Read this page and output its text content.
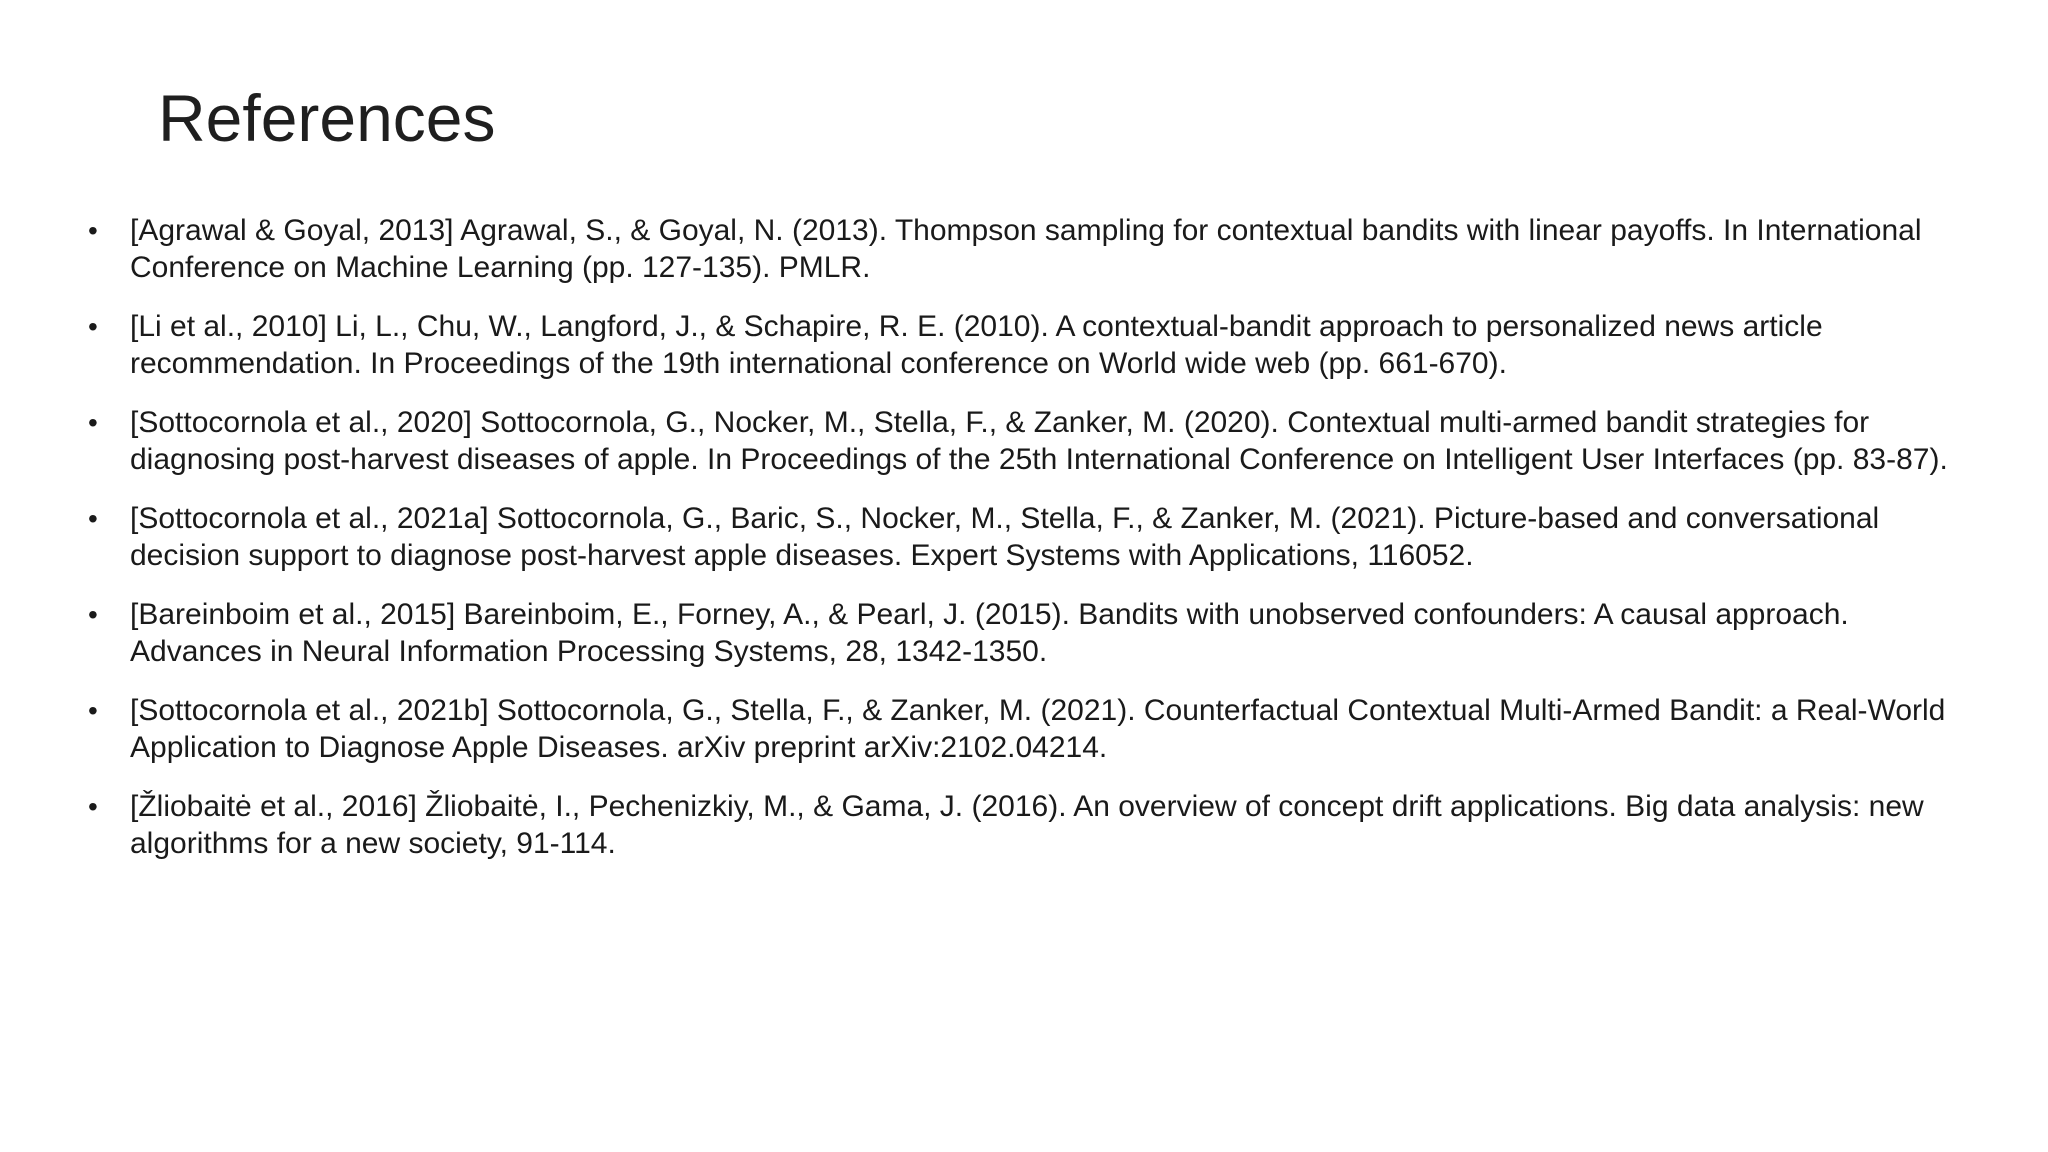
References
•	[Agrawal & Goyal, 2013] Agrawal, S., & Goyal, N. (2013). Thompson sampling for contextual bandits with linear payoffs. In International Conference on Machine Learning (pp. 127-135). PMLR.
•	[Li et al., 2010] Li, L., Chu, W., Langford, J., & Schapire, R. E. (2010). A contextual-bandit approach to personalized news article recommendation. In Proceedings of the 19th international conference on World wide web (pp. 661-670).
•	[Sottocornola et al., 2020] Sottocornola, G., Nocker, M., Stella, F., & Zanker, M. (2020). Contextual multi-armed bandit strategies for diagnosing post-harvest diseases of apple. In Proceedings of the 25th International Conference on Intelligent User Interfaces (pp. 83-87).
•	[Sottocornola et al., 2021a] Sottocornola, G., Baric, S., Nocker, M., Stella, F., & Zanker, M. (2021). Picture-based and conversational decision support to diagnose post-harvest apple diseases. Expert Systems with Applications, 116052.
•	[Bareinboim et al., 2015] Bareinboim, E., Forney, A., & Pearl, J. (2015). Bandits with unobserved confounders: A causal approach. Advances in Neural Information Processing Systems, 28, 1342-1350.
•	[Sottocornola et al., 2021b] Sottocornola, G., Stella, F., & Zanker, M. (2021). Counterfactual Contextual Multi-Armed Bandit: a Real-World Application to Diagnose Apple Diseases. arXiv preprint arXiv:2102.04214.
•	[Žliobaitė et al., 2016] Žliobaitė, I., Pechenizkiy, M., & Gama, J. (2016). An overview of concept drift applications. Big data analysis: new algorithms for a new society, 91-114.
